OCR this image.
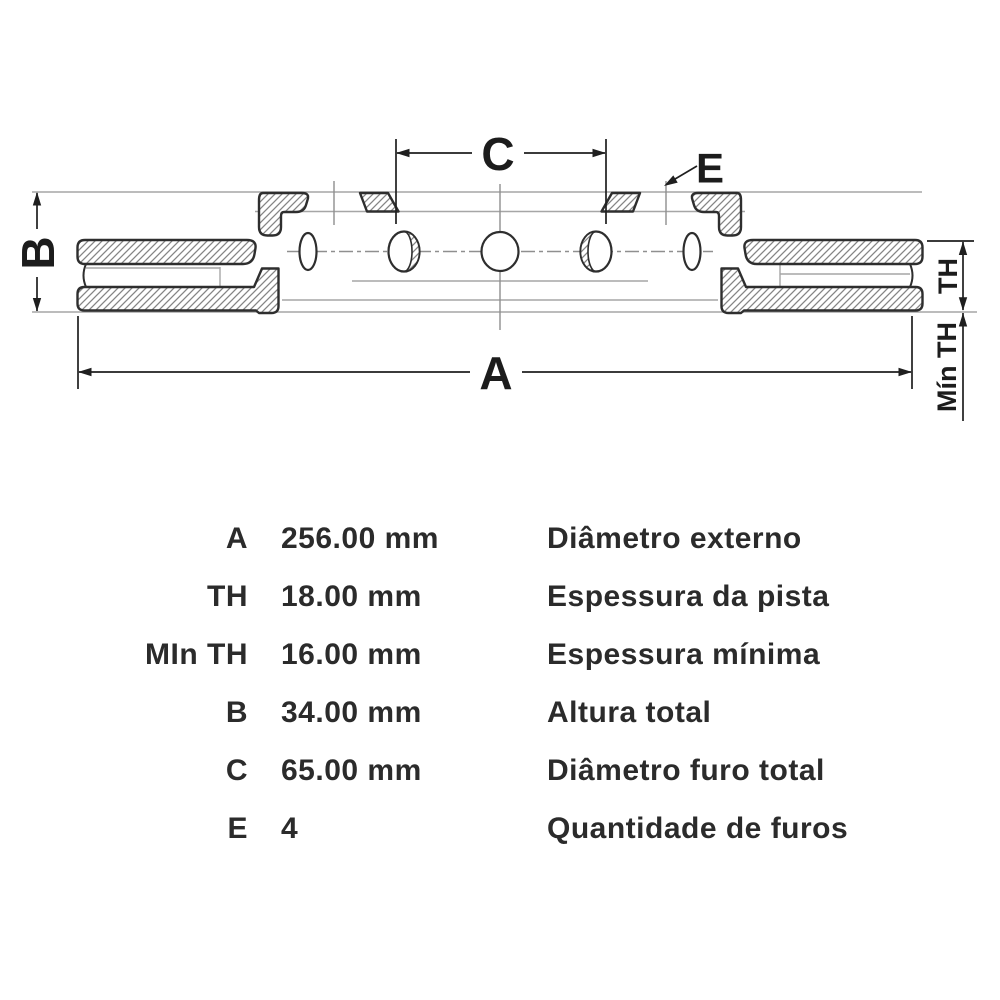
B
C
A
E
TH
Mín TH
A 256.00 mm	Diâmetro externo
TH 18.00 mm	Espessura da pista
MIn TH 16.00 mm	Espessura mínima
B 34.00 mm	Altura total
C 65.00 mm	Diâmetro furo total
E 4	Quantidade de furos
